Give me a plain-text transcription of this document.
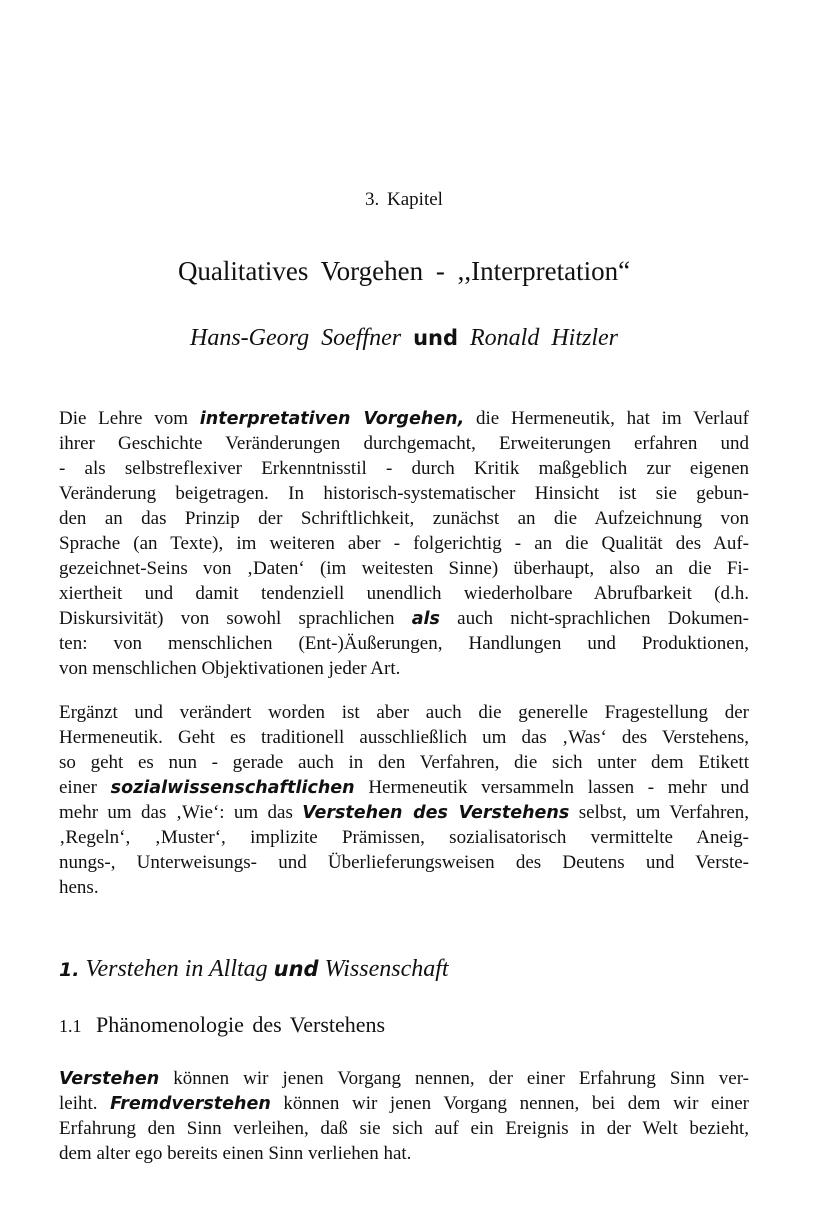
3. Kapitel
Qualitatives Vorgehen - ,,Interpretation“
Hans-Georg Soeffner und Ronald Hitzler
Die Lehre vom interpretativen Vorgehen, die Hermeneutik, hat im Verlauf
ihrer Geschichte Veränderungen durchgemacht, Erweiterungen erfahren und
- als selbstreflexiver Erkenntnisstil - durch Kritik maßgeblich zur eigenen
Veränderung beigetragen. In historisch-systematischer Hinsicht ist sie gebun-
den an das Prinzip der Schriftlichkeit, zunächst an die Aufzeichnung von
Sprache (an Texte), im weiteren aber - folgerichtig - an die Qualität des Auf-
gezeichnet-Seins von ‚Daten‘ (im weitesten Sinne) überhaupt, also an die Fi-
xiertheit und damit tendenziell unendlich wiederholbare Abrufbarkeit (d.h.
Diskursivität) von sowohl sprachlichen als auch nicht-sprachlichen Dokumen-
ten: von menschlichen (Ent-)Äußerungen, Handlungen und Produktionen,
von menschlichen Objektivationen jeder Art.
Ergänzt und verändert worden ist aber auch die generelle Fragestellung der
Hermeneutik. Geht es traditionell ausschließlich um das ‚Was‘ des Verstehens,
so geht es nun - gerade auch in den Verfahren, die sich unter dem Etikett
einer sozialwissenschaftlichen Hermeneutik versammeln lassen - mehr und
mehr um das ‚Wie‘: um das Verstehen des Verstehens selbst, um Verfahren,
‚Regeln‘, ‚Muster‘, implizite Prämissen, sozialisatorisch vermittelte Aneig-
nungs-, Unterweisungs- und Überlieferungsweisen des Deutens und Verste-
hens.
1. Verstehen in Alltag und Wissenschaft
1.1 Phänomenologie des Verstehens
Verstehen können wir jenen Vorgang nennen, der einer Erfahrung Sinn ver-
leiht. Fremdverstehen können wir jenen Vorgang nennen, bei dem wir einer
Erfahrung den Sinn verleihen, daß sie sich auf ein Ereignis in der Welt bezieht,
dem alter ego bereits einen Sinn verliehen hat.
